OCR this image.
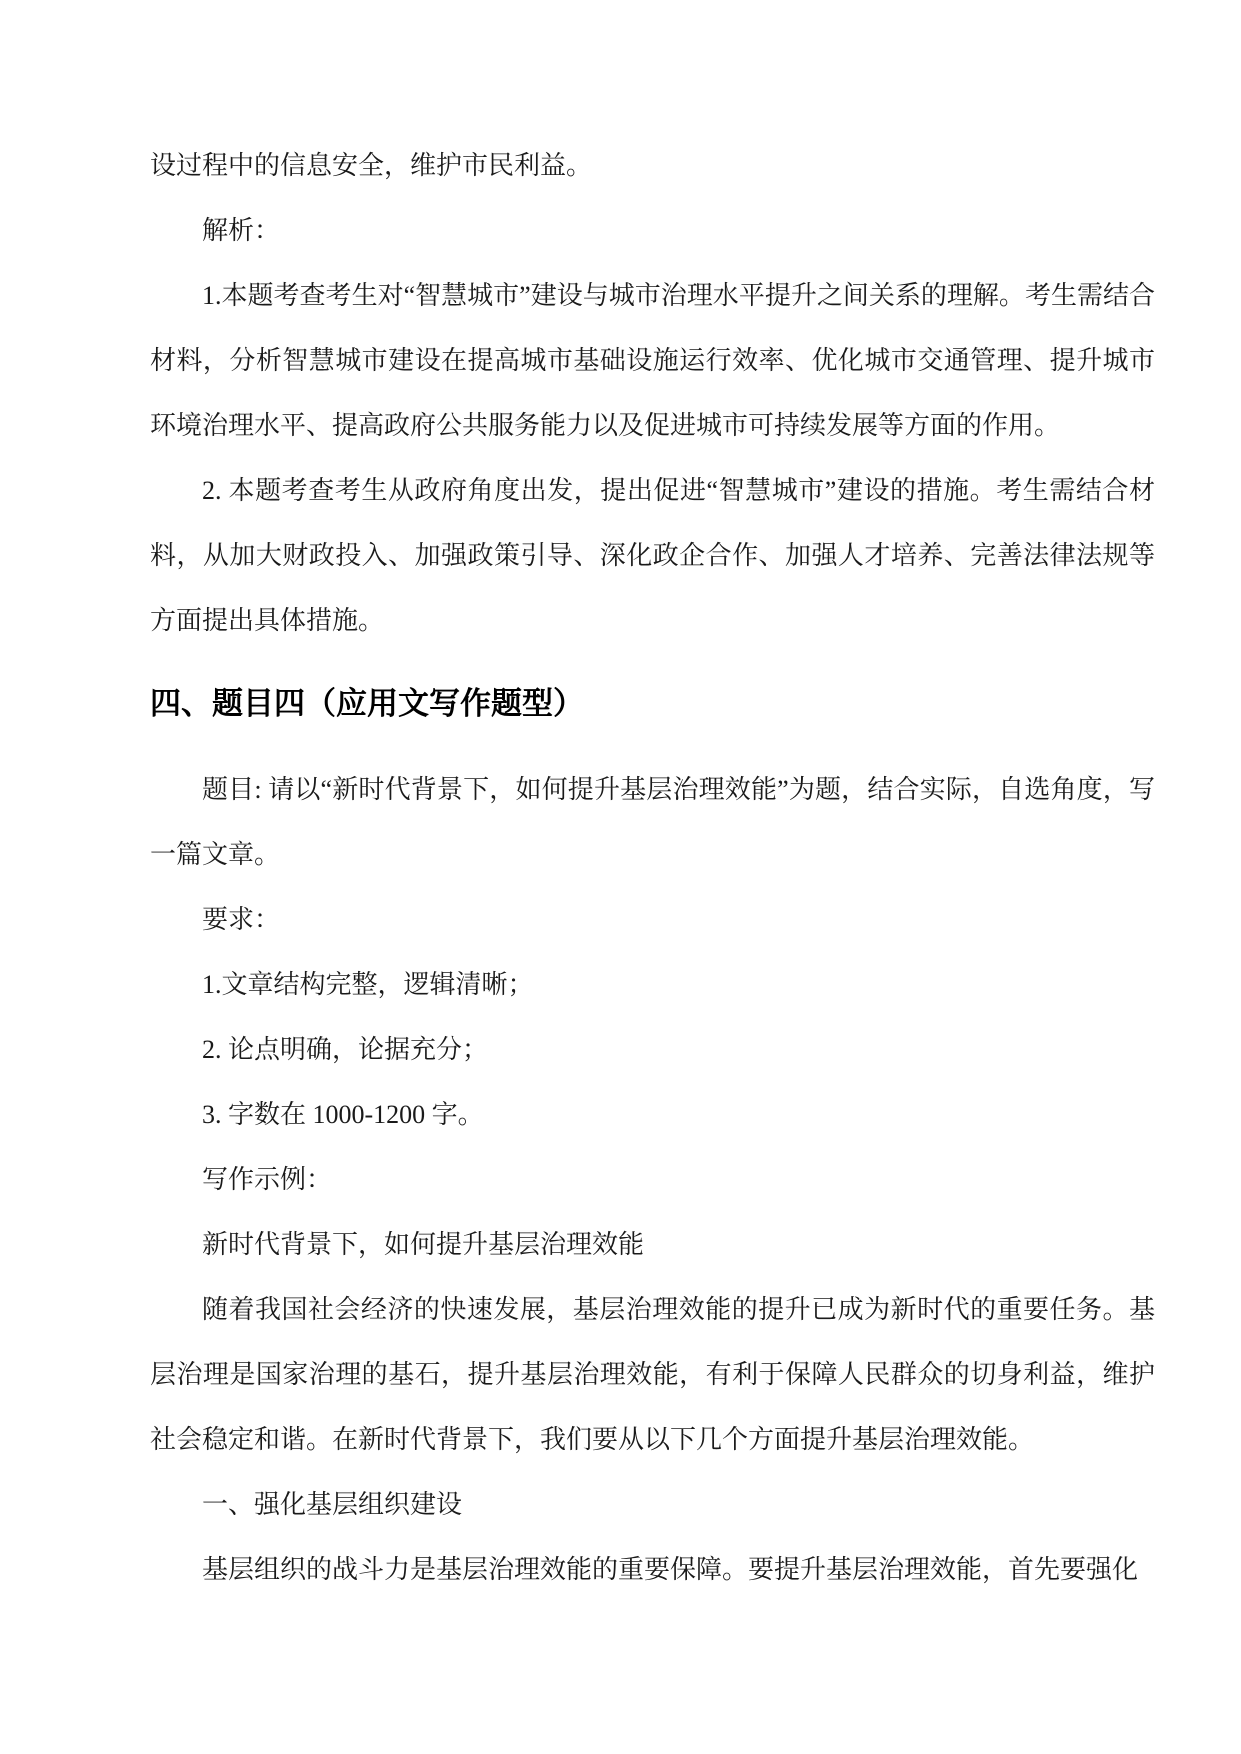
设过程中的信息安全，维护市民利益。

解析：

1.本题考查考生对“智慧城市”建设与城市治理水平提升之间关系的理解。考生需结合材料，分析智慧城市建设在提高城市基础设施运行效率、优化城市交通管理、提升城市环境治理水平、提高政府公共服务能力以及促进城市可持续发展等方面的作用。

2. 本题考查考生从政府角度出发，提出促进“智慧城市”建设的措施。考生需结合材料，从加大财政投入、加强政策引导、深化政企合作、加强人才培养、完善法律法规等方面提出具体措施。

四、题目四（应用文写作题型）

题目: 请以“新时代背景下，如何提升基层治理效能”为题，结合实际，自选角度，写一篇文章。

要求：

1.文章结构完整，逻辑清晰；

2. 论点明确，论据充分；

3. 字数在 1000-1200 字。

写作示例：

新时代背景下，如何提升基层治理效能

随着我国社会经济的快速发展，基层治理效能的提升已成为新时代的重要任务。基层治理是国家治理的基石，提升基层治理效能，有利于保障人民群众的切身利益，维护社会稳定和谐。在新时代背景下，我们要从以下几个方面提升基层治理效能。

一、强化基层组织建设

基层组织的战斗力是基层治理效能的重要保障。要提升基层治理效能，首先要强化
